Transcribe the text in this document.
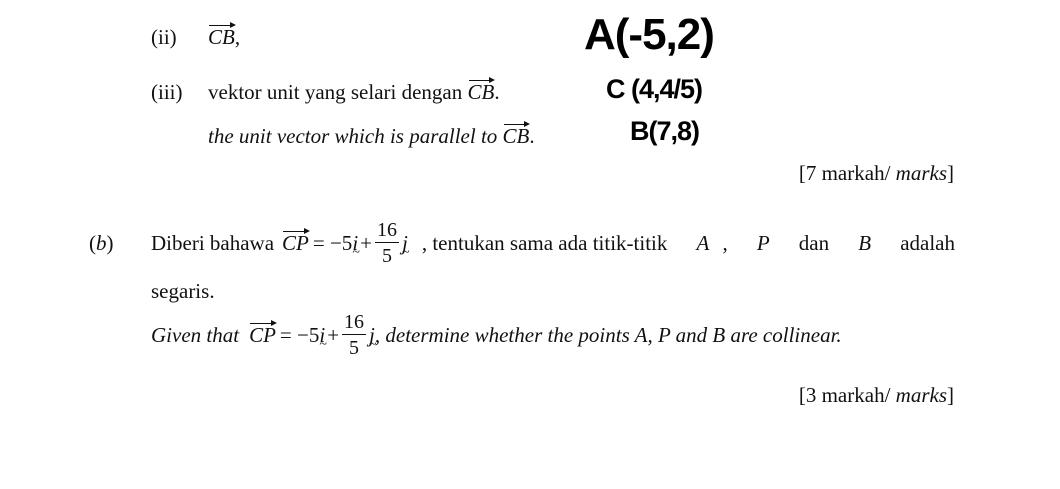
(ii) CB,	A(-5,2)
C (4,4/5)
B(7,8)
(iii) vektor unit yang selari dengan CB.
the unit vector which is parallel to CB.
[7 markah/ marks]
(b) Diberi bahawa CP = −5 i ~ + $\frac{16}{5}$ j ~ , tentukan sama ada titik-titik A , P dan B adalah
segaris.
Given that CP = −5 i ~ + $\frac{16}{5}$ j ~ , determine whether the points A, P and B are collinear.
[3 markah/ marks]
